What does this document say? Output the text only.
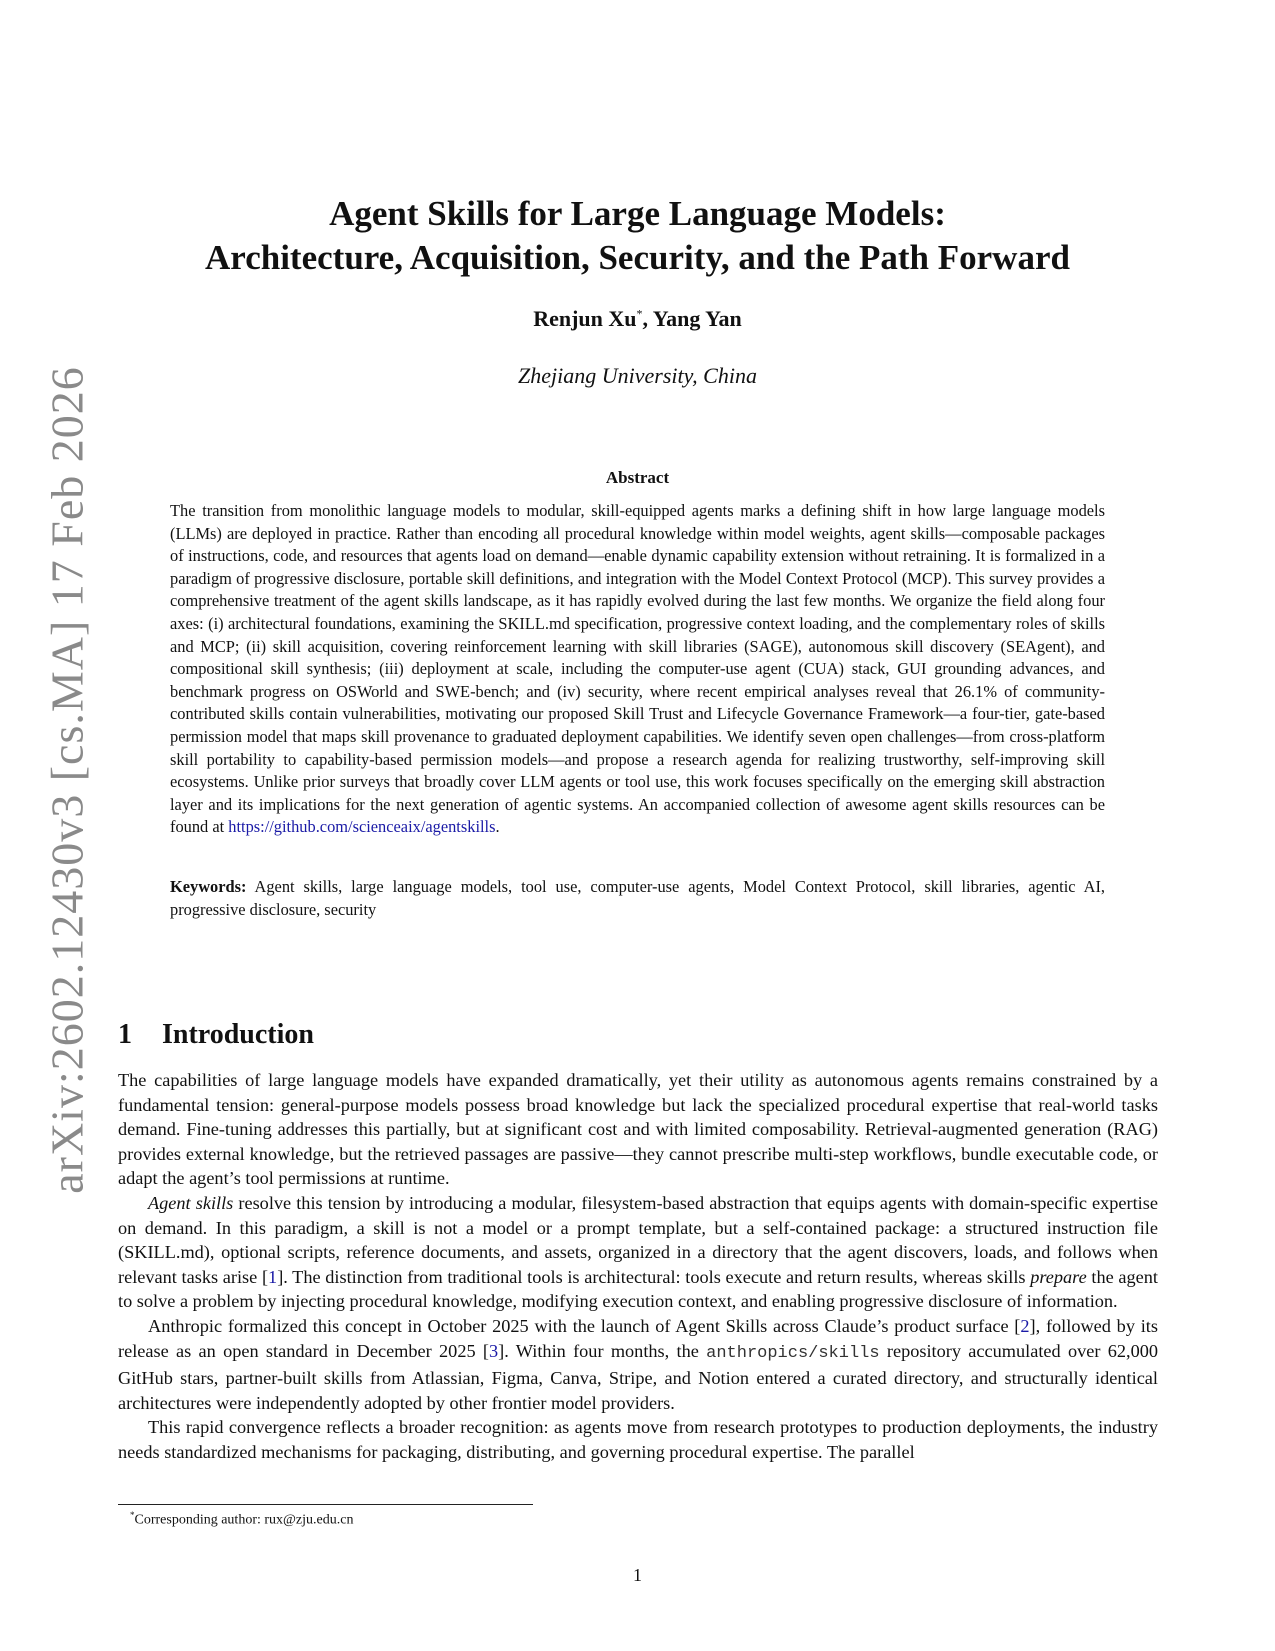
arXiv:2602.12430v3 [cs.MA] 17 Feb 2026
Agent Skills for Large Language Models:
Architecture, Acquisition, Security, and the Path Forward
Renjun Xu*, Yang Yan
Zhejiang University, China
Abstract
The transition from monolithic language models to modular, skill-equipped agents marks a defining shift in how large language models (LLMs) are deployed in practice. Rather than encoding all procedural knowledge within model weights, agent skills—composable packages of instructions, code, and resources that agents load on demand—enable dynamic capability extension without retraining. It is formalized in a paradigm of progressive disclosure, portable skill definitions, and integration with the Model Context Protocol (MCP). This survey provides a comprehensive treatment of the agent skills landscape, as it has rapidly evolved during the last few months. We organize the field along four axes: (i) architectural foundations, examining the SKILL.md specification, progressive context loading, and the complementary roles of skills and MCP; (ii) skill acquisition, covering reinforcement learning with skill libraries (SAGE), autonomous skill discovery (SEAgent), and compositional skill synthesis; (iii) deployment at scale, including the computer-use agent (CUA) stack, GUI grounding advances, and benchmark progress on OSWorld and SWE-bench; and (iv) security, where recent empirical analyses reveal that 26.1% of community-contributed skills contain vulnerabilities, motivating our proposed Skill Trust and Lifecycle Governance Framework—a four-tier, gate-based permission model that maps skill provenance to graduated deployment capabilities. We identify seven open challenges—from cross-platform skill portability to capability-based permission models—and propose a research agenda for realizing trustworthy, self-improving skill ecosystems. Unlike prior surveys that broadly cover LLM agents or tool use, this work focuses specifically on the emerging skill abstraction layer and its implications for the next generation of agentic systems. An accompanied collection of awesome agent skills resources can be found at https://github.com/scienceaix/agentskills.
Keywords: Agent skills, large language models, tool use, computer-use agents, Model Context Protocol, skill libraries, agentic AI, progressive disclosure, security
1 Introduction

The capabilities of large language models have expanded dramatically, yet their utility as autonomous agents remains constrained by a fundamental tension: general-purpose models possess broad knowledge but lack the specialized procedural expertise that real-world tasks demand. Fine-tuning addresses this partially, but at significant cost and with limited composability. Retrieval-augmented generation (RAG) provides external knowledge, but the retrieved passages are passive—they cannot prescribe multi-step workflows, bundle executable code, or adapt the agent’s tool permissions at runtime.

Agent skills resolve this tension by introducing a modular, filesystem-based abstraction that equips agents with domain-specific expertise on demand. In this paradigm, a skill is not a model or a prompt template, but a self-contained package: a structured instruction file (SKILL.md), optional scripts, reference documents, and assets, organized in a directory that the agent discovers, loads, and follows when relevant tasks arise [1]. The distinction from traditional tools is architectural: tools execute and return results, whereas skills prepare the agent to solve a problem by injecting procedural knowledge, modifying execution context, and enabling progressive disclosure of information.

Anthropic formalized this concept in October 2025 with the launch of Agent Skills across Claude’s product surface [2], followed by its release as an open standard in December 2025 [3]. Within four months, the anthropics/skills repository accumulated over 62,000 GitHub stars, partner-built skills from Atlassian, Figma, Canva, Stripe, and Notion entered a curated directory, and structurally identical architectures were independently adopted by other frontier model providers.

This rapid convergence reflects a broader recognition: as agents move from research prototypes to production deployments, the industry needs standardized mechanisms for packaging, distributing, and governing procedural expertise. The parallel

*Corresponding author: rux@zju.edu.cn
1
